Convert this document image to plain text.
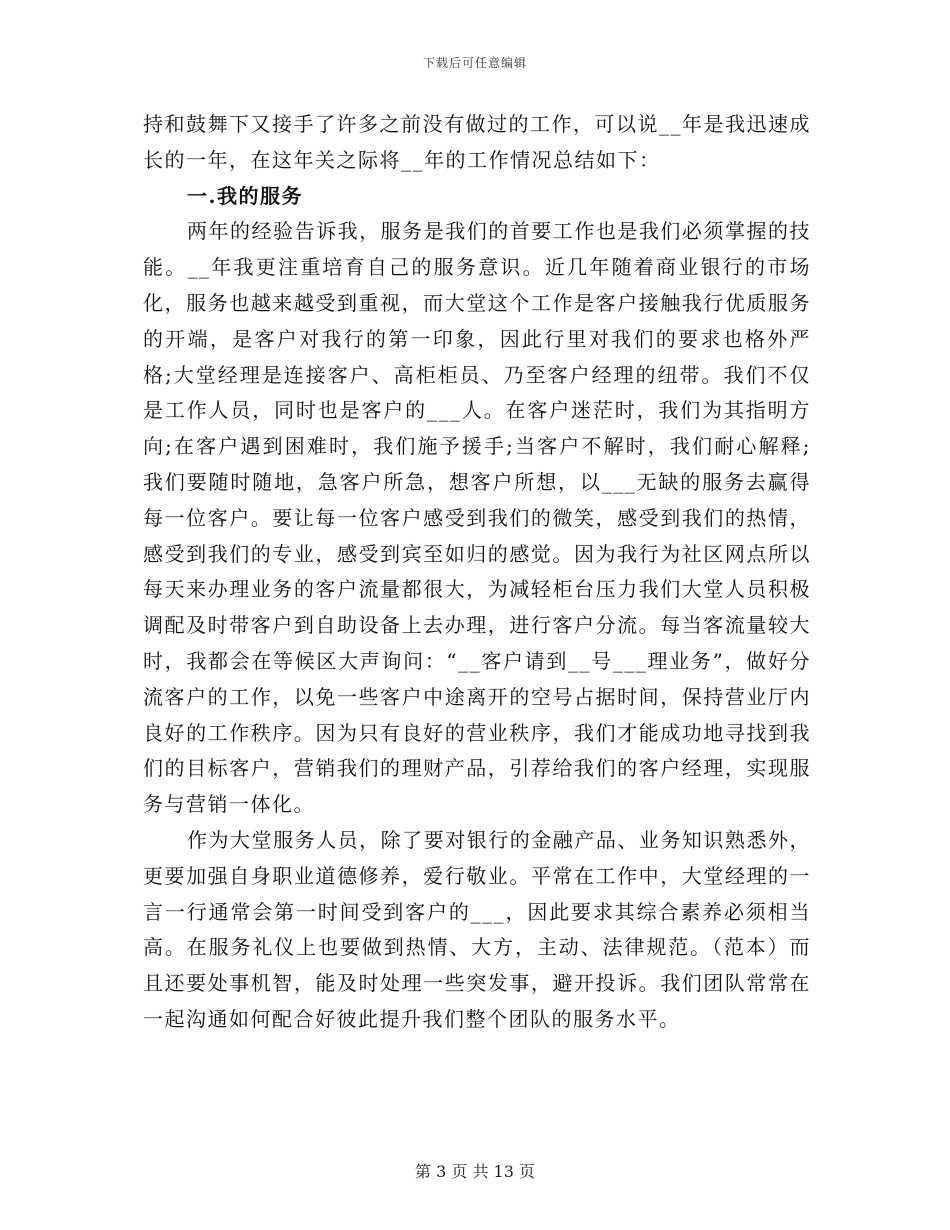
下载后可任意编辑

持和鼓舞下又接手了许多之前没有做过的工作，可以说__年是我迅速成长的一年，在这年关之际将__年的工作情况总结如下：

一.我的服务

两年的经验告诉我，服务是我们的首要工作也是我们必须掌握的技能。__年我更注重培育自己的服务意识。近几年随着商业银行的市场化，服务也越来越受到重视，而大堂这个工作是客户接触我行优质服务的开端，是客户对我行的第一印象，因此行里对我们的要求也格外严格;大堂经理是连接客户、高柜柜员、乃至客户经理的纽带。我们不仅是工作人员，同时也是客户的___人。在客户迷茫时，我们为其指明方向;在客户遇到困难时，我们施予援手;当客户不解时，我们耐心解释;我们要随时随地，急客户所急，想客户所想，以___无缺的服务去赢得每一位客户。要让每一位客户感受到我们的微笑，感受到我们的热情，感受到我们的专业，感受到宾至如归的感觉。因为我行为社区网点所以每天来办理业务的客户流量都很大，为减轻柜台压力我们大堂人员积极调配及时带客户到自助设备上去办理，进行客户分流。每当客流量较大时，我都会在等候区大声询问：“__客户请到__号___理业务”，做好分流客户的工作，以免一些客户中途离开的空号占据时间，保持营业厅内良好的工作秩序。因为只有良好的营业秩序，我们才能成功地寻找到我们的目标客户，营销我们的理财产品，引荐给我们的客户经理，实现服务与营销一体化。

作为大堂服务人员，除了要对银行的金融产品、业务知识熟悉外，更要加强自身职业道德修养，爱行敬业。平常在工作中，大堂经理的一言一行通常会第一时间受到客户的___，因此要求其综合素养必须相当高。在服务礼仪上也要做到热情、大方，主动、法律规范。（范本）而且还要处事机智，能及时处理一些突发事，避开投诉。我们团队常常在一起沟通如何配合好彼此提升我们整个团队的服务水平。

第 3 页 共 13 页
